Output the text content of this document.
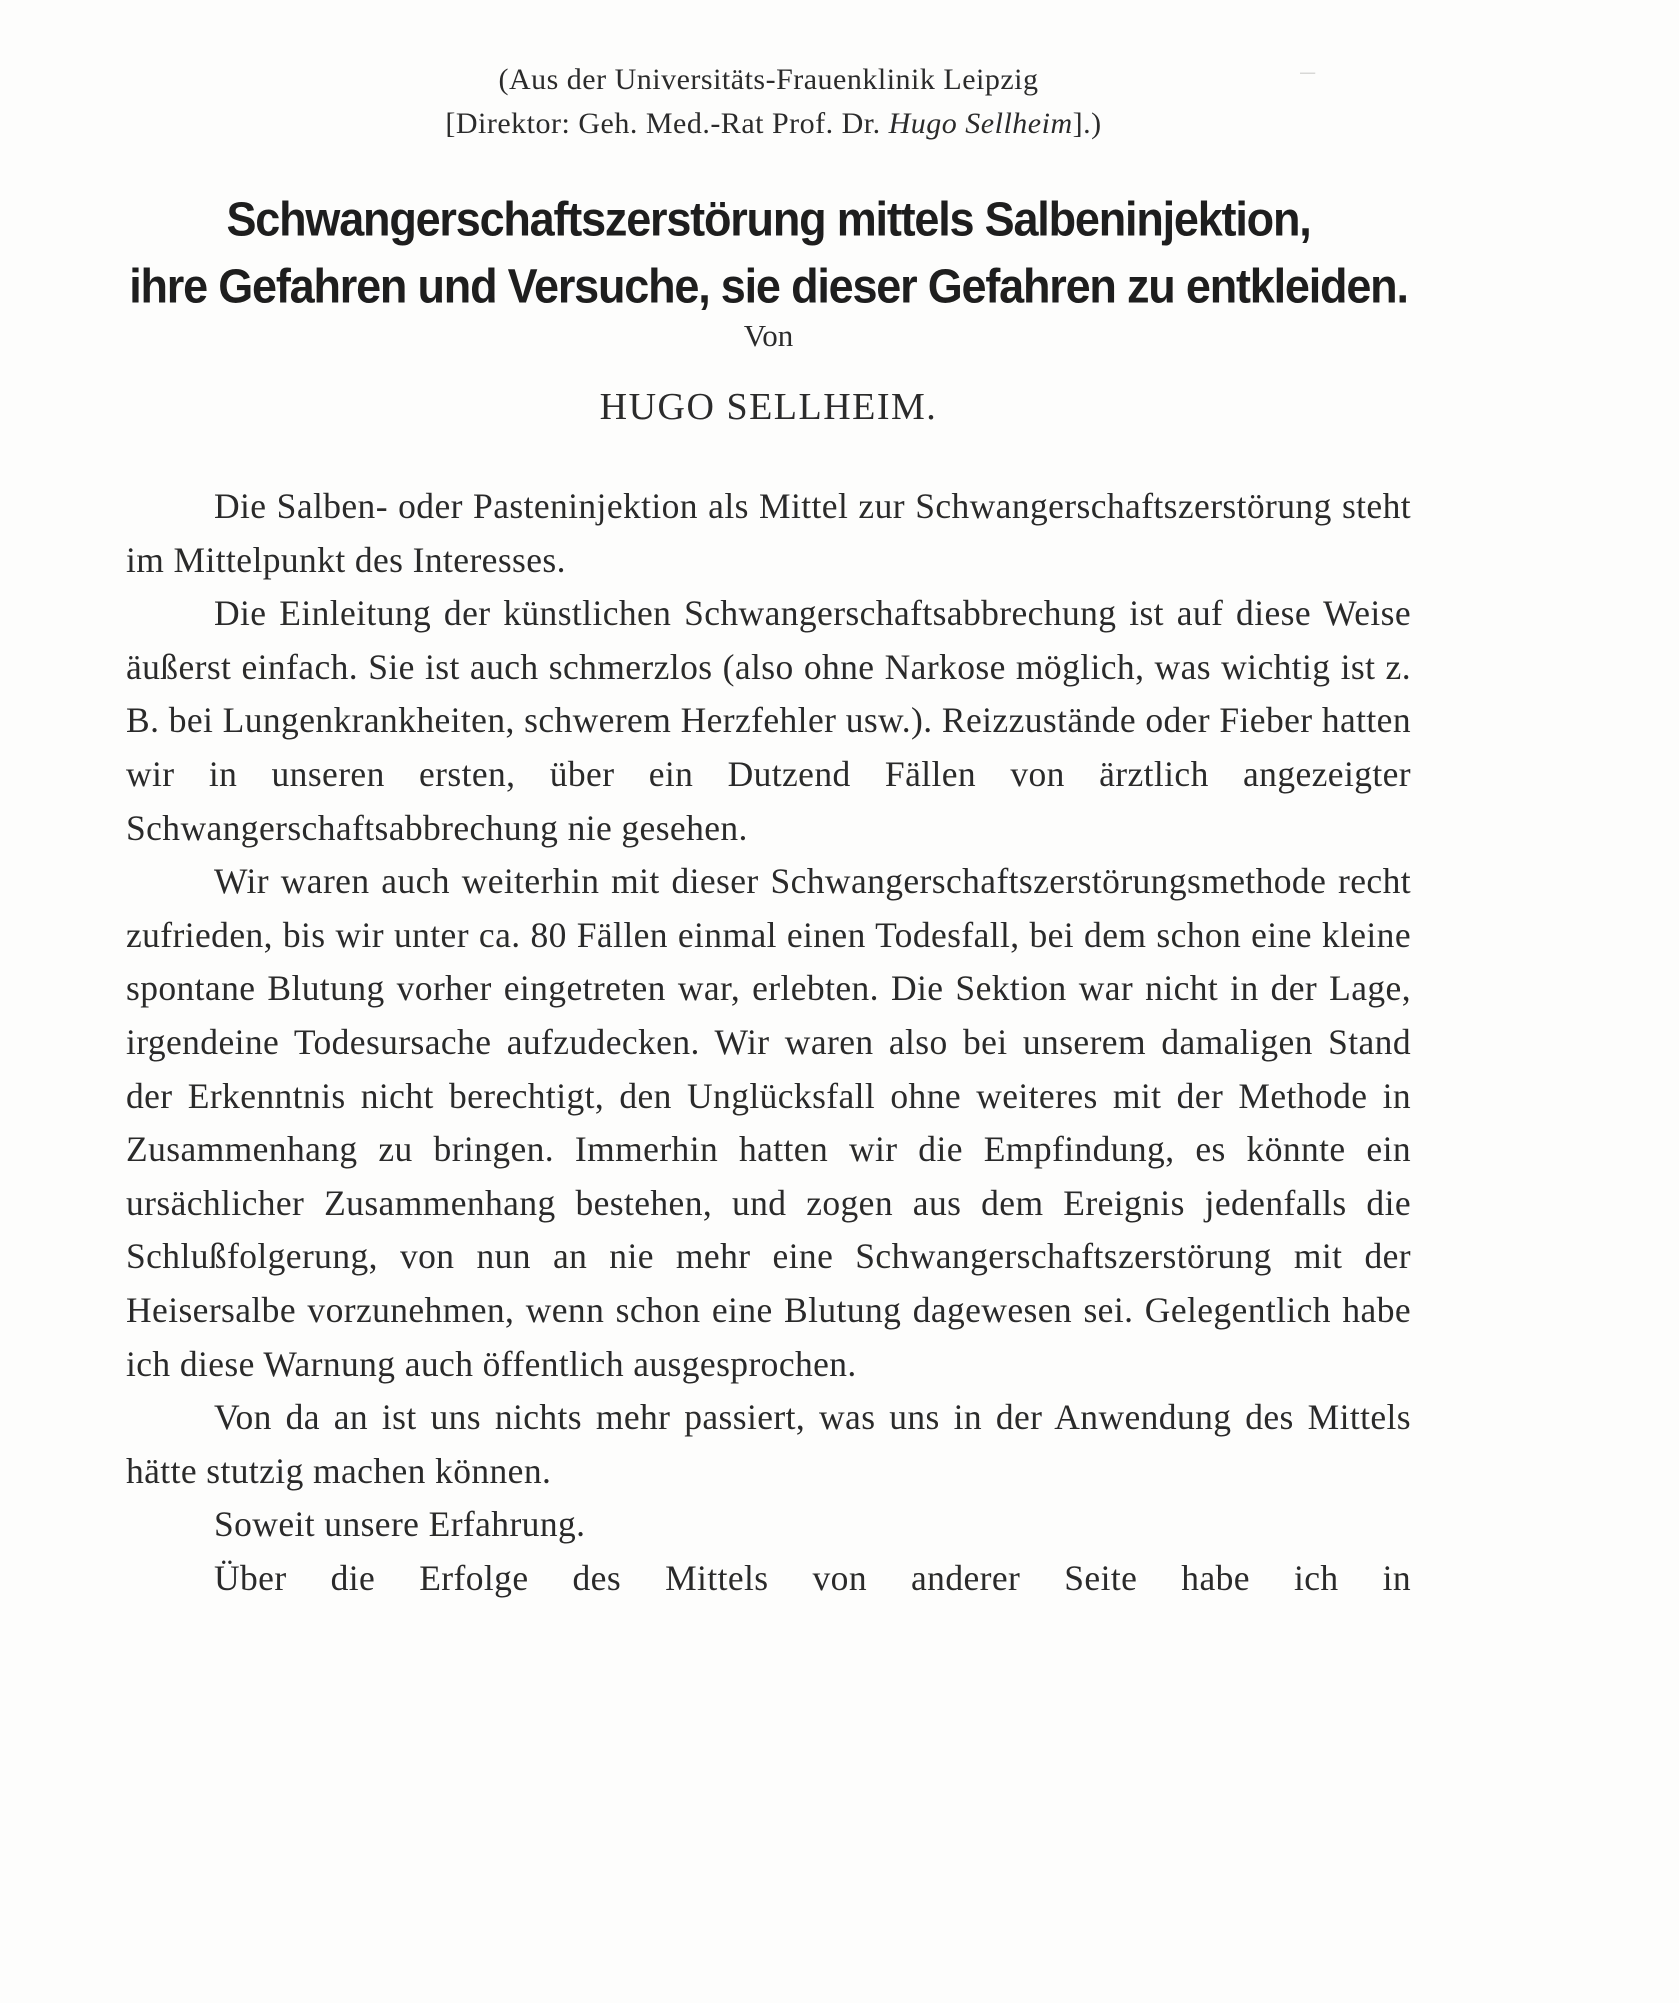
_
(Aus der Universitäts-Frauenklinik Leipzig
[Direktor: Geh. Med.-Rat Prof. Dr. Hugo Sellheim].)
Schwangerschaftszerstörung mittels Salbeninjektion,
ihre Gefahren und Versuche, sie dieser Gefahren zu entkleiden.
Von
HUGO SELLHEIM.

Die Salben- oder Pasteninjektion als Mittel zur Schwangerschaftszerstörung steht im Mittelpunkt des Interesses.

Die Einleitung der künstlichen Schwangerschaftsabbrechung ist auf diese Weise äußerst einfach. Sie ist auch schmerzlos (also ohne Narkose möglich, was wichtig ist z. B. bei Lungenkrankheiten, schwerem Herzfehler usw.). Reizzustände oder Fieber hatten wir in unseren ersten, über ein Dutzend Fällen von ärztlich angezeigter Schwangerschaftsabbrechung nie gesehen.

Wir waren auch weiterhin mit dieser Schwangerschaftszerstörungsmethode recht zufrieden, bis wir unter ca. 80 Fällen einmal einen Todesfall, bei dem schon eine kleine spontane Blutung vorher eingetreten war, erlebten. Die Sektion war nicht in der Lage, irgendeine Todesursache aufzudecken. Wir waren also bei unserem damaligen Stand der Erkenntnis nicht berechtigt, den Unglücksfall ohne weiteres mit der Methode in Zusammenhang zu bringen. Immerhin hatten wir die Empfindung, es könnte ein ursächlicher Zusammenhang bestehen, und zogen aus dem Ereignis jedenfalls die Schlußfolgerung, von nun an nie mehr eine Schwangerschaftszerstörung mit der Heisersalbe vorzunehmen, wenn schon eine Blutung dagewesen sei. Gelegentlich habe ich diese Warnung auch öffentlich ausgesprochen.

Von da an ist uns nichts mehr passiert, was uns in der Anwendung des Mittels hätte stutzig machen können.

Soweit unsere Erfahrung.

Über die Erfolge des Mittels von anderer Seite habe ich in
